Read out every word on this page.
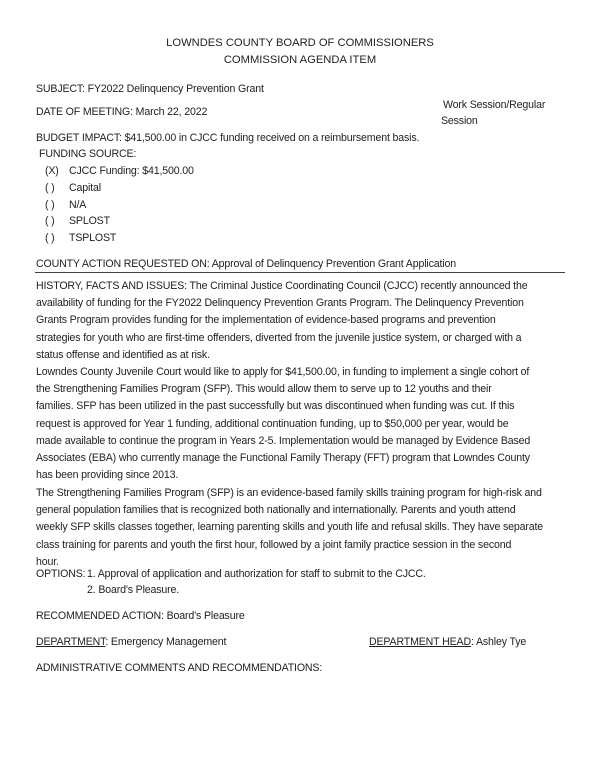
LOWNDES COUNTY BOARD OF COMMISSIONERS
COMMISSION AGENDA ITEM
SUBJECT: FY2022 Delinquency Prevention Grant
DATE OF MEETING: March 22, 2022
Work Session/Regular
Session
BUDGET IMPACT: $41,500.00 in CJCC funding received on a reimbursement basis.
FUNDING SOURCE:
(X) CJCC Funding: $41,500.00
( ) Capital
( ) N/A
( ) SPLOST
( ) TSPLOST
COUNTY ACTION REQUESTED ON: Approval of Delinquency Prevention Grant Application
HISTORY, FACTS AND ISSUES: The Criminal Justice Coordinating Council (CJCC) recently announced the
availability of funding for the FY2022 Delinquency Prevention Grants Program. The Delinquency Prevention
Grants Program provides funding for the implementation of evidence-based programs and prevention
strategies for youth who are first-time offenders, diverted from the juvenile justice system, or charged with a
status offense and identified as at risk.
Lowndes County Juvenile Court would like to apply for $41,500.00, in funding to implement a single cohort of
the Strengthening Families Program (SFP). This would allow them to serve up to 12 youths and their
families. SFP has been utilized in the past successfully but was discontinued when funding was cut. If this
request is approved for Year 1 funding, additional continuation funding, up to $50,000 per year, would be
made available to continue the program in Years 2-5. Implementation would be managed by Evidence Based
Associates (EBA) who currently manage the Functional Family Therapy (FFT) program that Lowndes County
has been providing since 2013.
The Strengthening Families Program (SFP) is an evidence-based family skills training program for high-risk and
general population families that is recognized both nationally and internationally. Parents and youth attend
weekly SFP skills classes together, learning parenting skills and youth life and refusal skills. They have separate
class training for parents and youth the first hour, followed by a joint family practice session in the second
hour.
OPTIONS: 1. Approval of application and authorization for staff to submit to the CJCC.
2. Board's Pleasure.
RECOMMENDED ACTION: Board's Pleasure
DEPARTMENT: Emergency Management	DEPARTMENT HEAD: Ashley Tye
ADMINISTRATIVE COMMENTS AND RECOMMENDATIONS:
